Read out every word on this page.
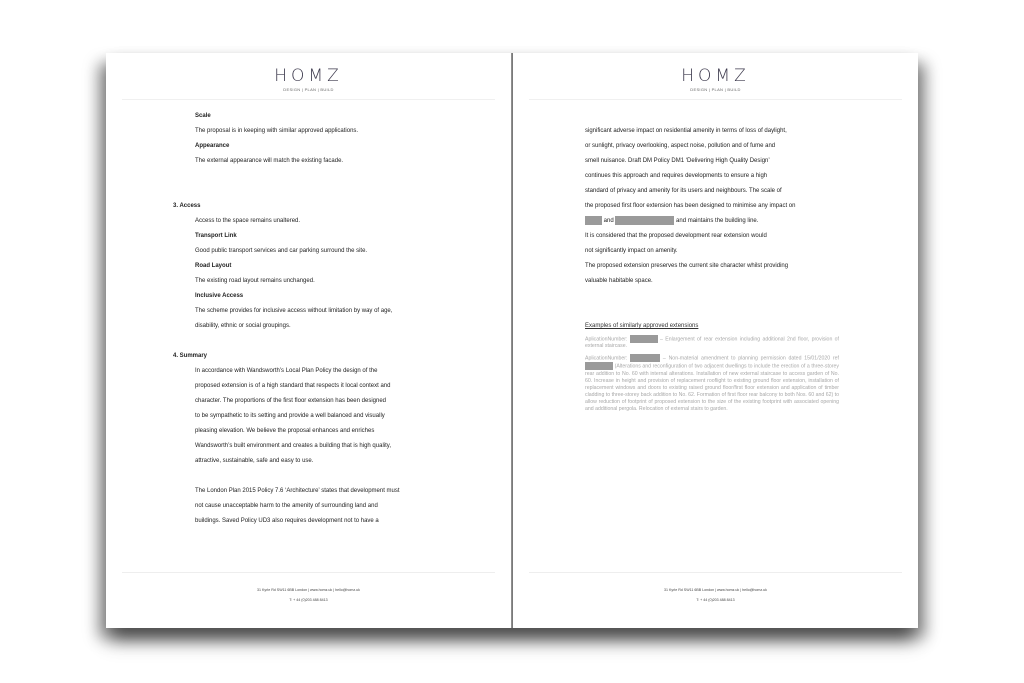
HOMZ
DESIGN | PLAN | BUILD
Scale
The proposal is in keeping with similar approved applications.
Appearance
The external appearance will match the existing facade.
3. Access
Access to the space remains unaltered.
Transport Link
Good public transport services and car parking surround the site.
Road Layout
The existing road layout remains unchanged.
Inclusive Access
The scheme provides for inclusive access without limitation by way of age,
disability, ethnic or social groupings.
4. Summary
In accordance with Wandsworth’s Local Plan Policy the design of the
proposed extension is of a high standard that respects it local context and
character. The proportions of the first floor extension has been designed
to be sympathetic to its setting and provide a well balanced and visually
pleasing elevation. We believe the proposal enhances and enriches
Wandsworth’s built environment and creates a building that is high quality,
attractive, sustainable, safe and easy to use.
The London Plan 2015 Policy 7.6 ‘Architecture’ states that development must
not cause unacceptable harm to the amenity of surrounding land and
buildings. Saved Policy UD3 also requires development not to have a
31 Kyrle Rd SW11 6BB London | www.homz.uk | hello@homz.uk
T: + 44 (0)203 488 8413
HOMZ
DESIGN | PLAN | BUILD
significant adverse impact on residential amenity in terms of loss of daylight,
or sunlight, privacy overlooking, aspect noise, pollution and of fume and
smell nuisance. Draft DM Policy DM1 ‘Delivering High Quality Design’
continues this approach and requires developments to ensure a high
standard of privacy and amenity for its users and neighbours. The scale of
the proposed first floor extension has been designed to minimise any impact on
and	and maintains the building line.
It is considered that the proposed development rear extension would
not significantly impact on amenity.
The proposed extension preserves the current site character whilst providing
valuable habitable space.
Examples of similarly approved extensions
AplicationNumber:	– Enlargement of rear extension including additional 2nd floor, provision of external staircase.
AplicationNumber:	– Non-material amendment to planning permission dated 15/01/2020 ref  (Alterations and reconfiguration of two adjacent dwellings to include the erection of a three-storey rear addition to No. 60 with internal alterations. Installation of new external staircase to access garden of No. 60. Increase in height and provision of replacement rooflight to existing ground floor extension, installation of replacement windows and doors to existing raised ground floor/first floor extension and application of timber cladding to three-storey back addition to No. 62. Formation of first floor rear balcony to both Nos. 60 and 62) to allow reduction of footprint of proposed extension to the size of the existing footprint with associated opening and additional pergola. Relocation of external stairs to garden.
31 Kyrle Rd SW11 6BB London | www.homz.uk | hello@homz.uk
T: + 44 (0)203 488 8413
